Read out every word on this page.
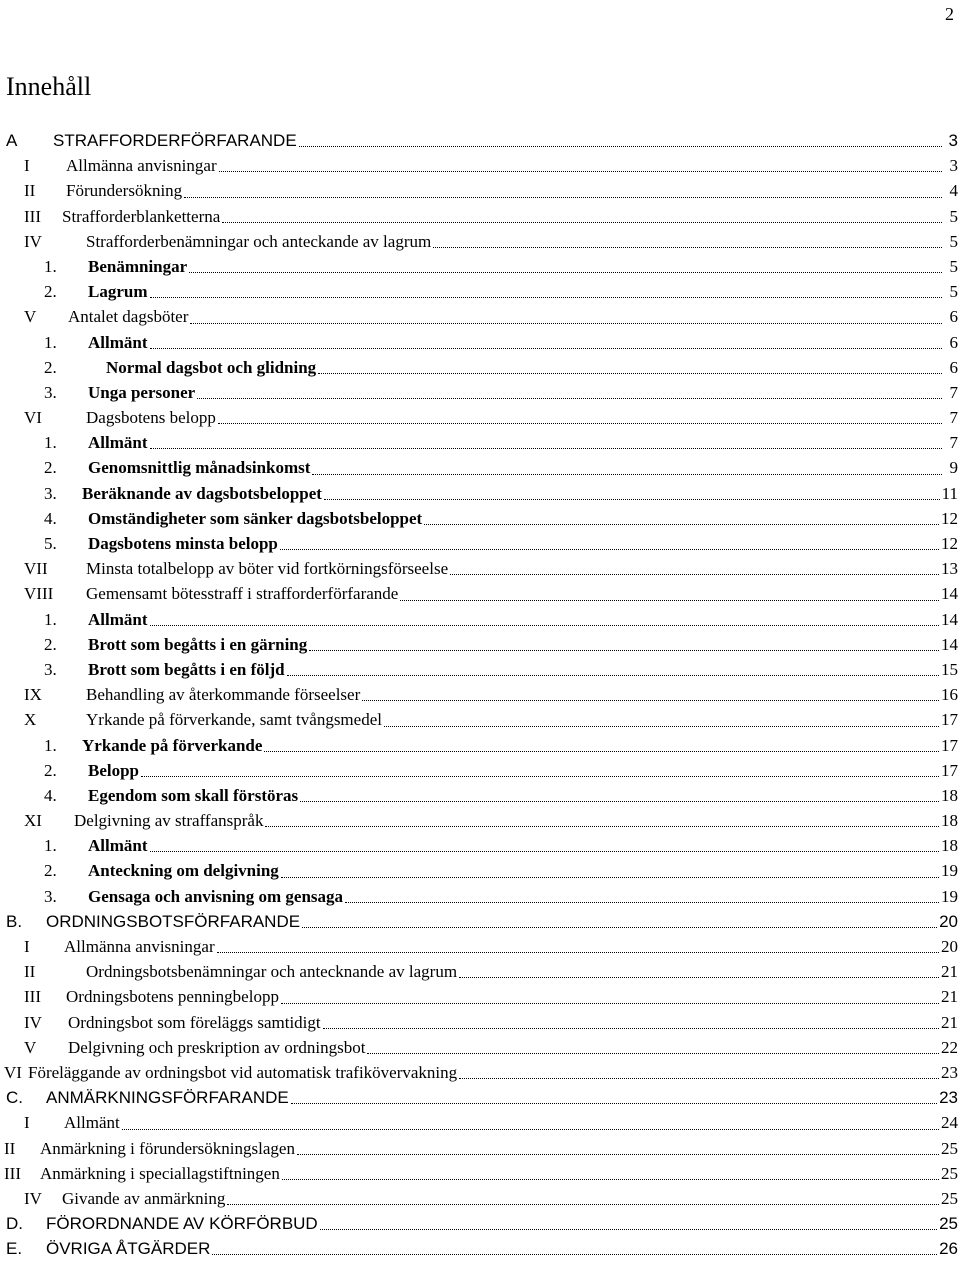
2
Innehåll
A	STRAFFORDERFÖRFARANDE	3
I	Allmänna anvisningar	3
II	Förundersökning	4
III	Strafforderblanketterna	5
IV	Strafforderbenämningar och anteckande av lagrum	5
1.	Benämningar	5
2.	Lagrum	5
V	Antalet dagsböter	6
1.	Allmänt	6
2.	Normal dagsbot och glidning	6
3.	Unga personer	7
VI	Dagsbotens belopp	7
1.	Allmänt	7
2.	Genomsnittlig månadsinkomst	9
3.	Beräknande av dagsbotsbeloppet	11
4.	Omständigheter som sänker dagsbotsbeloppet	12
5.	Dagsbotens minsta belopp	12
VII	Minsta totalbelopp av böter vid fortkörningsförseelse	13
VIII	Gemensamt bötesstraff i strafforderförfarande	14
1.	Allmänt	14
2.	Brott som begåtts i en gärning	14
3.	Brott som begåtts i en följd	15
IX	Behandling av återkommande förseelser	16
X	Yrkande på förverkande, samt tvångsmedel	17
1.	Yrkande på förverkande	17
2.	Belopp	17
4.	Egendom som skall förstöras	18
XI	Delgivning av straffanspråk	18
1.	Allmänt	18
2.	Anteckning om delgivning	19
3.	Gensaga och anvisning om gensaga	19
B.	ORDNINGSBOTSFÖRFARANDE	20
I	Allmänna anvisningar	20
II	Ordningsbotsbenämningar och antecknande av lagrum	21
III	Ordningsbotens penningbelopp	21
IV	Ordningsbot som föreläggs samtidigt	21
V	Delgivning och preskription av ordningsbot	22
VI Föreläggande av ordningsbot vid automatisk trafikövervakning	23
C.	ANMÄRKNINGSFÖRFARANDE	23
I	Allmänt	24
II	Anmärkning i förundersökningslagen	25
III	Anmärkning i speciallagstiftningen	25
IV	Givande av anmärkning	25
D.	FÖRORDNANDE AV KÖRFÖRBUD	25
E.	ÖVRIGA ÅTGÄRDER	26
